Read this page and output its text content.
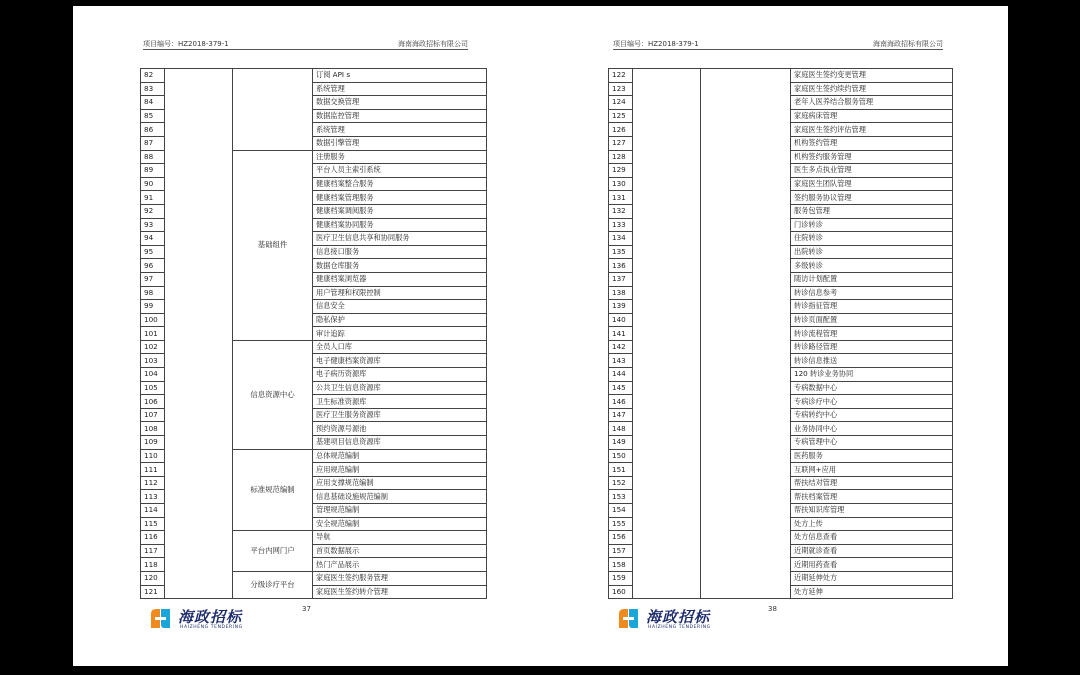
项目编号：HZ2018-379-1	海南海政招标有限公司
82			订阅 API s
83			系统管理
84			数据交换管理
85			数据监控管理
86			系统管理
87			数据引擎管理
88		基础组件	注册服务
89			平台人员主索引系统
90			健康档案整合服务
91			健康档案管理服务
92			健康档案调阅服务
93			健康档案协同服务
94			医疗卫生信息共享和协同服务
95			信息接口服务
96			数据仓库服务
97			健康档案浏览器
98			用户管理和权限控制
99			信息安全
100			隐私保护
101			审计追踪
102		信息资源中心	全员人口库
103			电子健康档案资源库
104			电子病历资源库
105			公共卫生信息资源库
106			卫生标准资源库
107			医疗卫生服务资源库
108			预约资源号源池
109			基建项目信息资源库
110		标准规范编制	总体规范编制
111			应用规范编制
112			应用支撑规范编制
113			信息基础设施规范编制
114			管理规范编制
115			安全规范编制
116		平台内网门户	导航
117			首页数据展示
118			热门产品展示
120		分级诊疗平台	家庭医生签约服务管理
121			家庭医生签约转介管理
37
海政招标
HAIZHENG TENDERING
项目编号：HZ2018-379-1	海南海政招标有限公司
122			家庭医生签约变更管理
123			家庭医生签约续约管理
124			老年人医养结合服务管理
125			家庭病床管理
126			家庭医生签约评估管理
127			机构签约管理
128			机构签约服务管理
129			医生多点执业管理
130			家庭医生团队管理
131			签约服务协议管理
132			服务包管理
133			门诊转诊
134			住院转诊
135			出院转诊
136			多级转诊
137			随访计划配置
138			转诊信息参考
139			转诊指征管理
140			转诊页面配置
141			转诊流程管理
142			转诊路径管理
143			转诊信息推送
144			120 转诊业务协同
145			专病数据中心
146			专病诊疗中心
147			专病转约中心
148			业务协同中心
149			专病管理中心
150			医药服务
151			互联网+应用
152			帮扶结对管理
153			帮扶档案管理
154			帮扶知识库管理
155			处方上传
156			处方信息查看
157			近期就诊查看
158			近期用药查看
159			近期延伸处方
160			处方延伸
38
海政招标
HAIZHENG TENDERING
